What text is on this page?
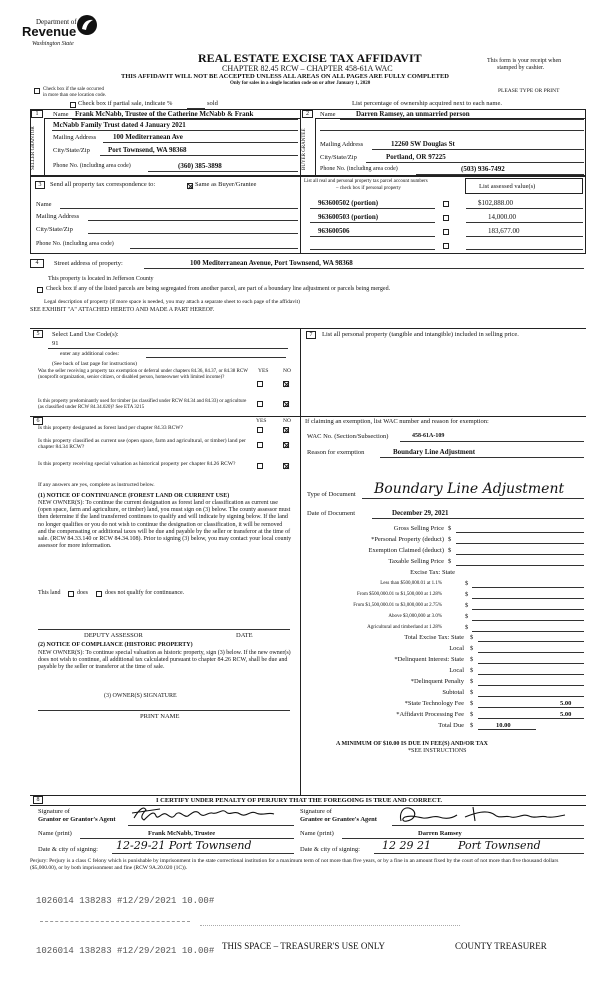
Department of
Revenue
Washington State
REAL ESTATE EXCISE TAX AFFIDAVIT
CHAPTER 82.45 RCW – CHAPTER 458-61A WAC
THIS AFFIDAVIT WILL NOT BE ACCEPTED UNLESS ALL AREAS ON ALL PAGES ARE FULLY COMPLETED
Only for sales in a single location code on or after January 1, 2020
This form is your receipt when
stamped by cashier.
PLEASE TYPE OR PRINT
Check box if the sale occurred
in more than one location code.
Check box if partial sale, indicate %	sold	List percentage of ownership acquired next to each name.
1
SELLER GRANTOR
Name Frank McNabb, Trustee of the Catherine McNabb & Frank
McNabb Family Trust dated 4 January 2021
Mailing Address 100 Mediterranean Ave
City/State/Zip	Port Townsend, WA 98368
Phone No. (including area code)	(360) 385-3898
2
BUYER GRANTEE
Name	Darren Ramsey, an unmarried person
Mailing Address	12260 SW Douglas St
City/State/Zip	Portland, OR 97225
Phone No. (including area code)	(503) 936-7492
3	Send all property tax correspondence to:	Same as Buyer/Grantee
Name
Mailing Address
City/State/Zip
Phone No. (including area code)
List all real and personal property tax parcel account numbers
– check box if personal property	List assessed value(s)
963600502 (portion)	$102,888.00
963600503 (portion)	14,000.00
963600506	183,677.00
4	Street address of property:	100 Mediterranean Avenue, Port Townsend, WA 98368
This property is located in Jefferson County
Check box if any of the listed parcels are being segregated from another parcel, are part of a boundary line adjustment or parcels being merged.
Legal description of property (if more space is needed, you may attach a separate sheet to each page of the affidavit)
SEE EXHIBIT "A" ATTACHED HERETO AND MADE A PART HEREOF.
5	Select Land Use Code(s):
91
enter any additional codes:
(See back of last page for instructions)
YES	NO
Was the seller receiving a property tax exemption or deferral under chapters 84.36, 84.37, or 84.38 RCW (nonprofit organization, senior citizen, or disabled person, homeowner with limited income)?
Is this property predominantly used for timber (as classified under RCW 84.34 and 84.33) or agriculture (as classified under RCW 84.34.020)? See ETA 3215
7	List all personal property (tangible and intangible) included in selling price.
6	YES	NO
Is this property designated as forest land per chapter 84.33 RCW?
Is this property classified as current use (open space, farm and agricultural, or timber) land per chapter 84.34 RCW?
Is this property receiving special valuation as historical property per chapter 84.26 RCW?
If any answers are yes, complete as instructed below.
(1) NOTICE OF CONTINUANCE (FOREST LAND OR CURRENT USE)
NEW OWNER(S): To continue the current designation as forest land or classification as current use (open space, farm and agriculture, or timber) land, you must sign on (3) below. The county assessor must then determine if the land transferred continues to qualify and will indicate by signing below. If the land no longer qualifies or you do not wish to continue the designation or classification, it will be removed and the compensating or additional taxes will be due and payable by the seller or transferor at the time of sale. (RCW 84.33.140 or RCW 84.34.108). Prior to signing (3) below, you may contact your local county assessor for more information.
This land	does	does not qualify for continuance.
DEPUTY ASSESSOR	DATE
(2) NOTICE OF COMPLIANCE (HISTORIC PROPERTY)
NEW OWNER(S): To continue special valuation as historic property, sign (3) below. If the new owner(s) does not wish to continue, all additional tax calculated pursuant to chapter 84.26 RCW, shall be due and payable by the seller or transferor at the time of sale.
(3) OWNER(S) SIGNATURE
PRINT NAME
If claiming an exemption, list WAC number and reason for exemption:
WAC No. (Section/Subsection)	458-61A-109
Reason for exemption	Boundary Line Adjustment
Type of Document Boundary Line Adjustment
Date of Document	December 29, 2021
Gross Selling Price $
*Personal Property (deduct) $
Exemption Claimed (deduct) $
Taxable Selling Price $
Excise Tax: State
Less than $500,000.01 at 1.1%	$
From $500,000.01 to $1,500,000 at 1.28%	$
From $1,500,000.01 to $3,000,000 at 2.75%	$
Above $3,000,000 at 3.0%	$
Agricultural and timberland at 1.28%	$
Total Excise Tax: State $
Local $
*Delinquent Interest: State $
Local $
*Delinquent Penalty $
Subtotal $
*State Technology Fee $	5.00
*Affidavit Processing Fee $	5.00
Total Due $	10.00
A MINIMUM OF $10.00 IS DUE IN FEE(S) AND/OR TAX
*SEE INSTRUCTIONS
8	I CERTIFY UNDER PENALTY OF PERJURY THAT THE FOREGOING IS TRUE AND CORRECT.
Signature of
Grantor or Grantor's Agent
Name (print)	Frank McNabb, Trustee
Date & city of signing: 12-29-21 Port Townsend
Signature of
Grantee or Grantee's Agent
Name (print)	Darren Ramsey
Date & city of signing: 12 29 21 Port Townsend
Perjury: Perjury is a class C felony which is punishable by imprisonment in the state correctional institution for a maximum term of not more than five years, or by a fine in an amount fixed by the court of not more than five thousand dollars ($5,000.00), or by both imprisonment and fine (RCW 9A.20.020 (1C)).
1026014 138283 #12/29/2021 10.00#
1026014 138283 #12/29/2021 10.00# THIS SPACE – TREASURER'S USE ONLY	COUNTY TREASURER
